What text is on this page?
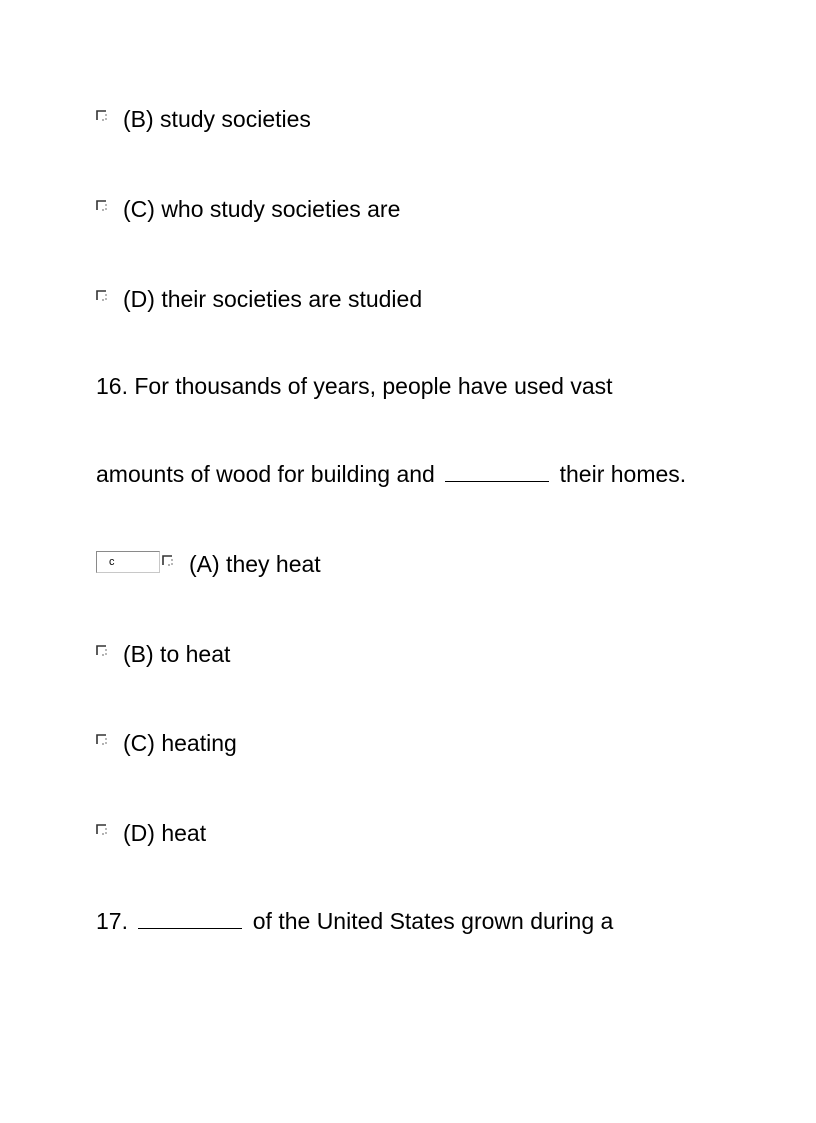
(B) study societies
(C) who study societies are
(D) their societies are studied
16. For thousands of years, people have used vast
amounts of wood for building and	their homes.
c	(A) they heat
(B) to heat
(C) heating
(D) heat
17.	of the United States grown during a
